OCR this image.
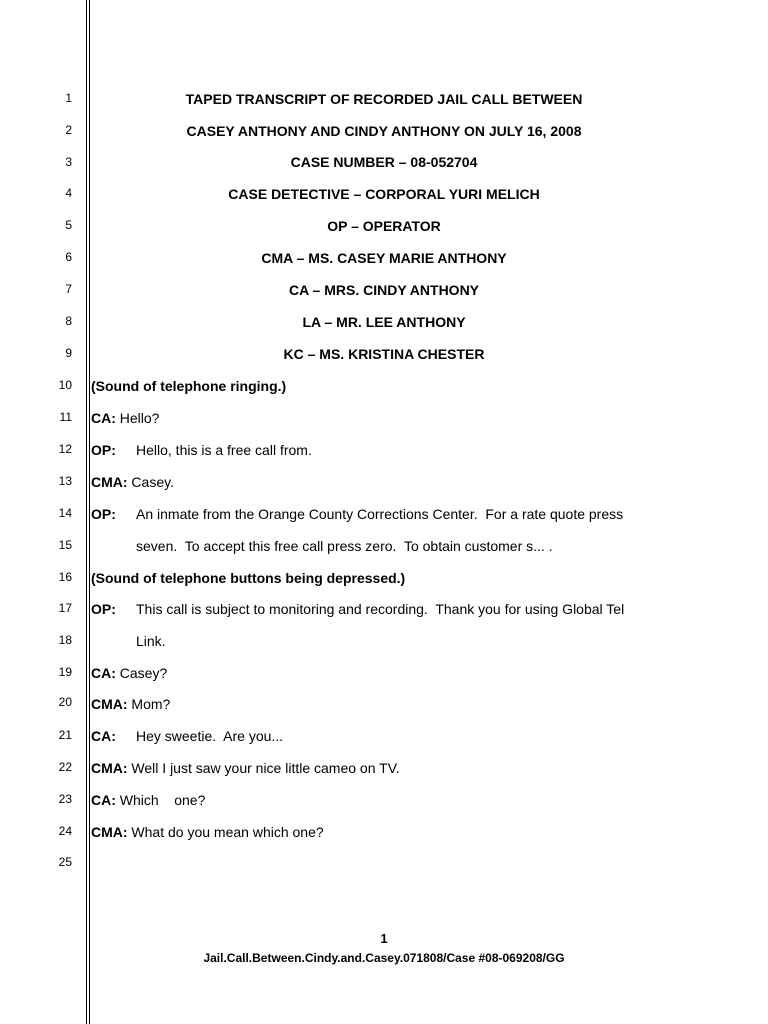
1
2
3
4
5
6
7
8
9
10
11
12
13
14
15
16
17
18
19
20
21
22
23
24
25
TAPED TRANSCRIPT OF RECORDED JAIL CALL BETWEEN
CASEY ANTHONY AND CINDY ANTHONY ON JULY 16, 2008
CASE NUMBER – 08-052704
CASE DETECTIVE – CORPORAL YURI MELICH
OP – OPERATOR
CMA – MS. CASEY MARIE ANTHONY
CA – MRS. CINDY ANTHONY
LA – MR. LEE ANTHONY
KC – MS. KRISTINA CHESTER
(Sound of telephone ringing.)
CA: Hello?
OP: Hello, this is a free call from.
CMA: Casey.
OP: An inmate from the Orange County Corrections Center.  For a rate quote press
seven.  To accept this free call press zero.  To obtain customer s... .
(Sound of telephone buttons being depressed.)
OP: This call is subject to monitoring and recording.  Thank you for using Global Tel
Link.
CA: Casey?
CMA: Mom?
CA: Hey sweetie.  Are you...
CMA: Well I just saw your nice little cameo on TV.
CA: Which    one?
CMA: What do you mean which one?
1
Jail.Call.Between.Cindy.and.Casey.071808/Case #08-069208/GG
